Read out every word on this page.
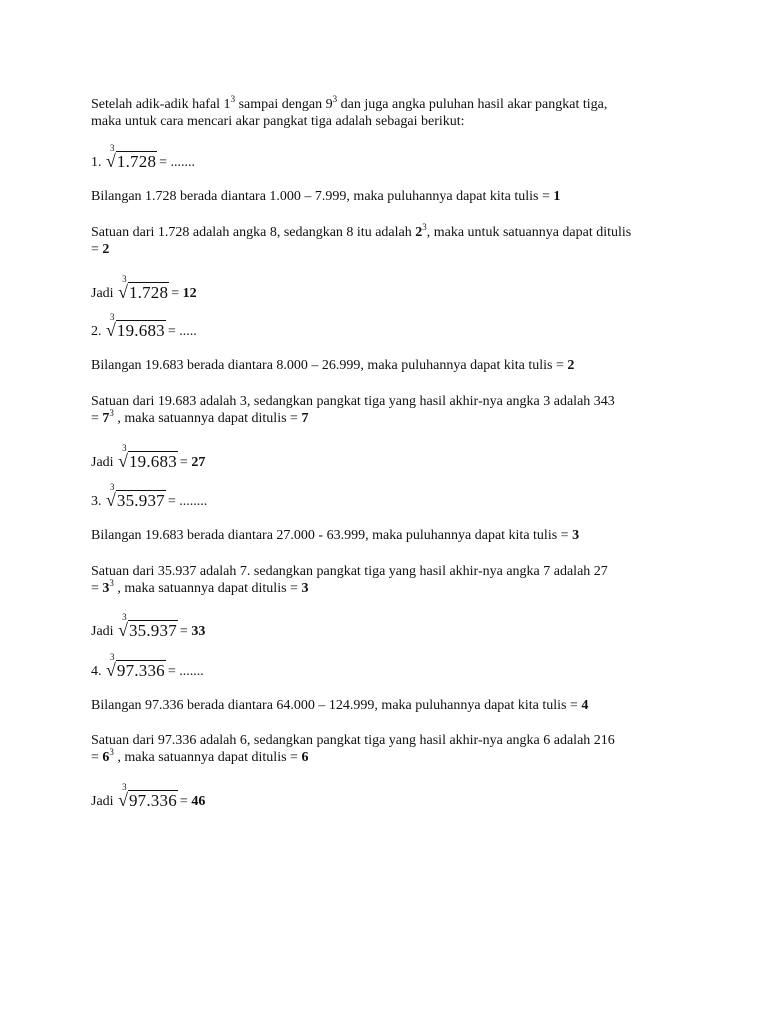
Setelah adik-adik hafal $1^3$ sampai dengan $9^3$ dan juga angka puluhan hasil akar pangkat tiga,
maka untuk cara mencari akar pangkat tiga adalah sebagai berikut:

1.
3
√1.728 = .......

Bilangan 1.728 berada diantara 1.000 – 7.999, maka puluhannya dapat kita tulis = 1

Satuan dari 1.728 adalah angka 8, sedangkan 8 itu adalah $2^3$, maka untuk satuannya dapat ditulis
= 2

Jadi
3
√1.728 = 12

2.
3
√19.683 = .....

Bilangan 19.683 berada diantara 8.000 – 26.999, maka puluhannya dapat kita tulis = 2

Satuan dari 19.683 adalah 3, sedangkan pangkat tiga yang hasil akhir-nya angka 3 adalah 343
= $7^3$ , maka satuannya dapat ditulis = 7

Jadi
3
√19.683 = 27

3.
3
√35.937 = ........

Bilangan 19.683 berada diantara 27.000 - 63.999, maka puluhannya dapat kita tulis = 3

Satuan dari 35.937 adalah 7. sedangkan pangkat tiga yang hasil akhir-nya angka 7 adalah 27
= $3^3$ , maka satuannya dapat ditulis = 3

Jadi
3
√35.937 = 33

4.
3
√97.336 = .......

Bilangan 97.336 berada diantara 64.000 – 124.999, maka puluhannya dapat kita tulis = 4

Satuan dari 97.336 adalah 6, sedangkan pangkat tiga yang hasil akhir-nya angka 6 adalah 216
= $6^3$ , maka satuannya dapat ditulis = 6

Jadi
3
√97.336 = 46
